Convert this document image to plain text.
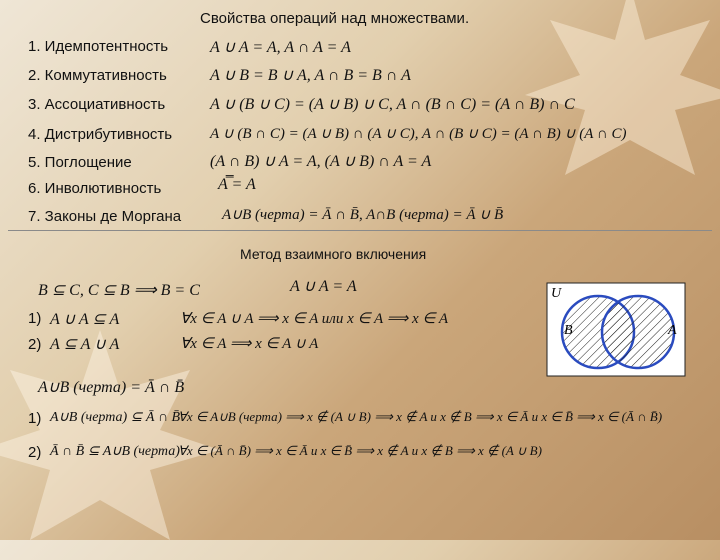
Свойства операций над множествами.
1. Идемпотентность	A ∪ A = A, A ∩ A = A
2. Коммутативность	A ∪ B = B ∪ A, A ∩ B = B ∩ A
3. Ассоциативность	A ∪ (B ∪ C) = (A ∪ B) ∪ C, A ∩ (B ∩ C) = (A ∩ B) ∩ C
4. Дистрибутивность	A ∪ (B ∩ C) = (A ∪ B) ∩ (A ∪ C), A ∩ (B ∪ C) = (A ∩ B) ∪ (A ∩ C)
5. Поглощение	(A ∩ B) ∪ A = A, (A ∪ B) ∩ A = A
6. Инволютивность	A̿ = A
7. Законы де Моргана	A∪B (черта) = Ā ∩ B̄, A∩B (черта) = Ā ∪ B̄
Метод взаимного включения
B ⊆ C, C ⊆ B ⟹ B = C	A ∪ A = A
1) A ∪ A ⊆ A	∀x ∈ A ∪ A ⟹ x ∈ A или x ∈ A ⟹ x ∈ A
2) A ⊆ A ∪ A	∀x ∈ A ⟹ x ∈ A ∪ A
U
B	A
A∪B (черта) = Ā ∩ B̄
1) A∪B (черта) ⊆ Ā ∩ B̄
∀x ∈ A∪B (черта) ⟹ x ∉ (A ∪ B) ⟹ x ∉ A и x ∉ B ⟹ x ∈ Ā и x ∈ B̄ ⟹ x ∈ (Ā ∩ B̄)
2) Ā ∩ B̄ ⊆ A∪B (черта)
∀x ∈ (Ā ∩ B̄) ⟹ x ∈ Ā и x ∈ B̄ ⟹ x ∉ A и x ∉ B ⟹ x ∉ (A ∪ B)
